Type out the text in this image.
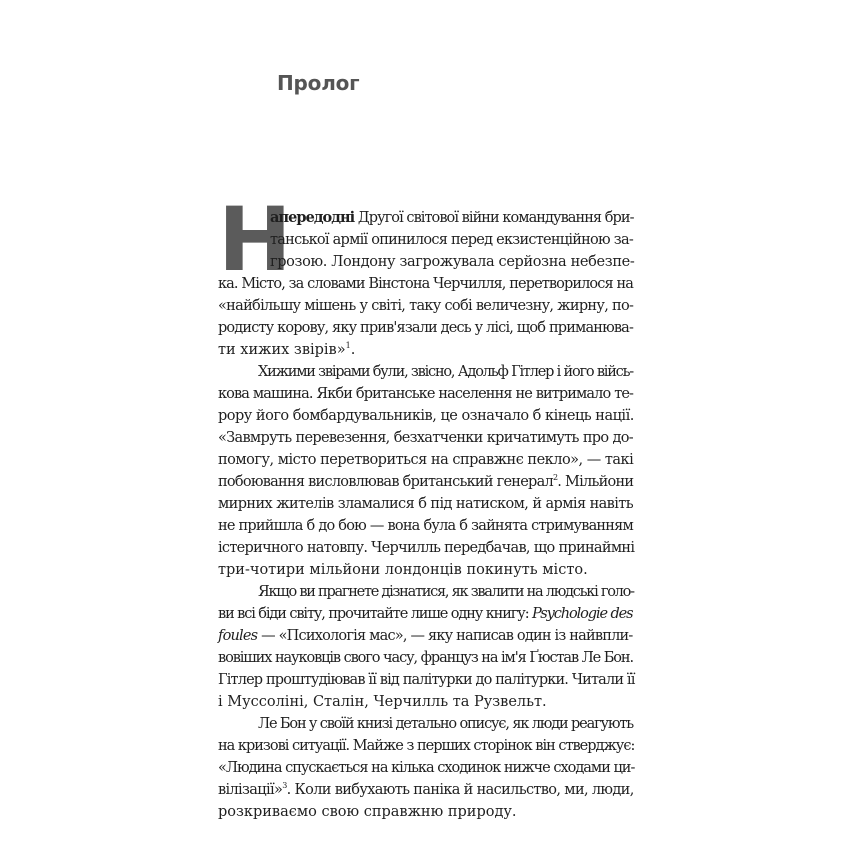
Пролог
Н
апередодні Другої світової війни командування бри-
танської армії опинилося перед екзистенційною за-
грозою. Лондону загрожувала серйозна небезпе-
ка. Місто, за словами Вінстона Черчилля, перетворилося на
«найбільшу мішень у світі, таку собі величезну, жирну, по-
родисту корову, яку прив'язали десь у лісі, щоб приманюва-
ти хижих звірів»$^1$.
Хижими звірами були, звісно, Адольф Гітлер і його війсь-
кова машина. Якби британське населення не витримало те-
рору його бомбардувальників, це означало б кінець нації.
«Завмруть перевезення, безхатченки кричатимуть про до-
помогу, місто перетвориться на справжнє пекло», — такі
побоювання висловлював британський генерал$^2$. Мільйони
мирних жителів зламалися б під натиском, й армія навіть
не прийшла б до бою — вона була б зайнята стримуванням
істеричного натовпу. Черчилль передбачав, що принаймні
три-чотири мільйони лондонців покинуть місто.
Якщо ви прагнете дізнатися, як звалити на людські голо-
ви всі біди світу, прочитайте лише одну книгу: Psychologie des
foules — «Психологія мас», — яку написав один із найвпли-
вовіших науковців свого часу, француз на ім'я Ґюстав Ле Бон.
Гітлер проштудіював її від палітурки до палітурки. Читали її
і Муссоліні, Сталін, Черчилль та Рузвельт.
Ле Бон у своїй книзі детально описує, як люди реагують
на кризові ситуації. Майже з перших сторінок він стверджує:
«Людина спускається на кілька сходинок нижче сходами ци-
вілізації»$^3$. Коли вибухають паніка й насильство, ми, люди,
розкриваємо свою справжню природу.
